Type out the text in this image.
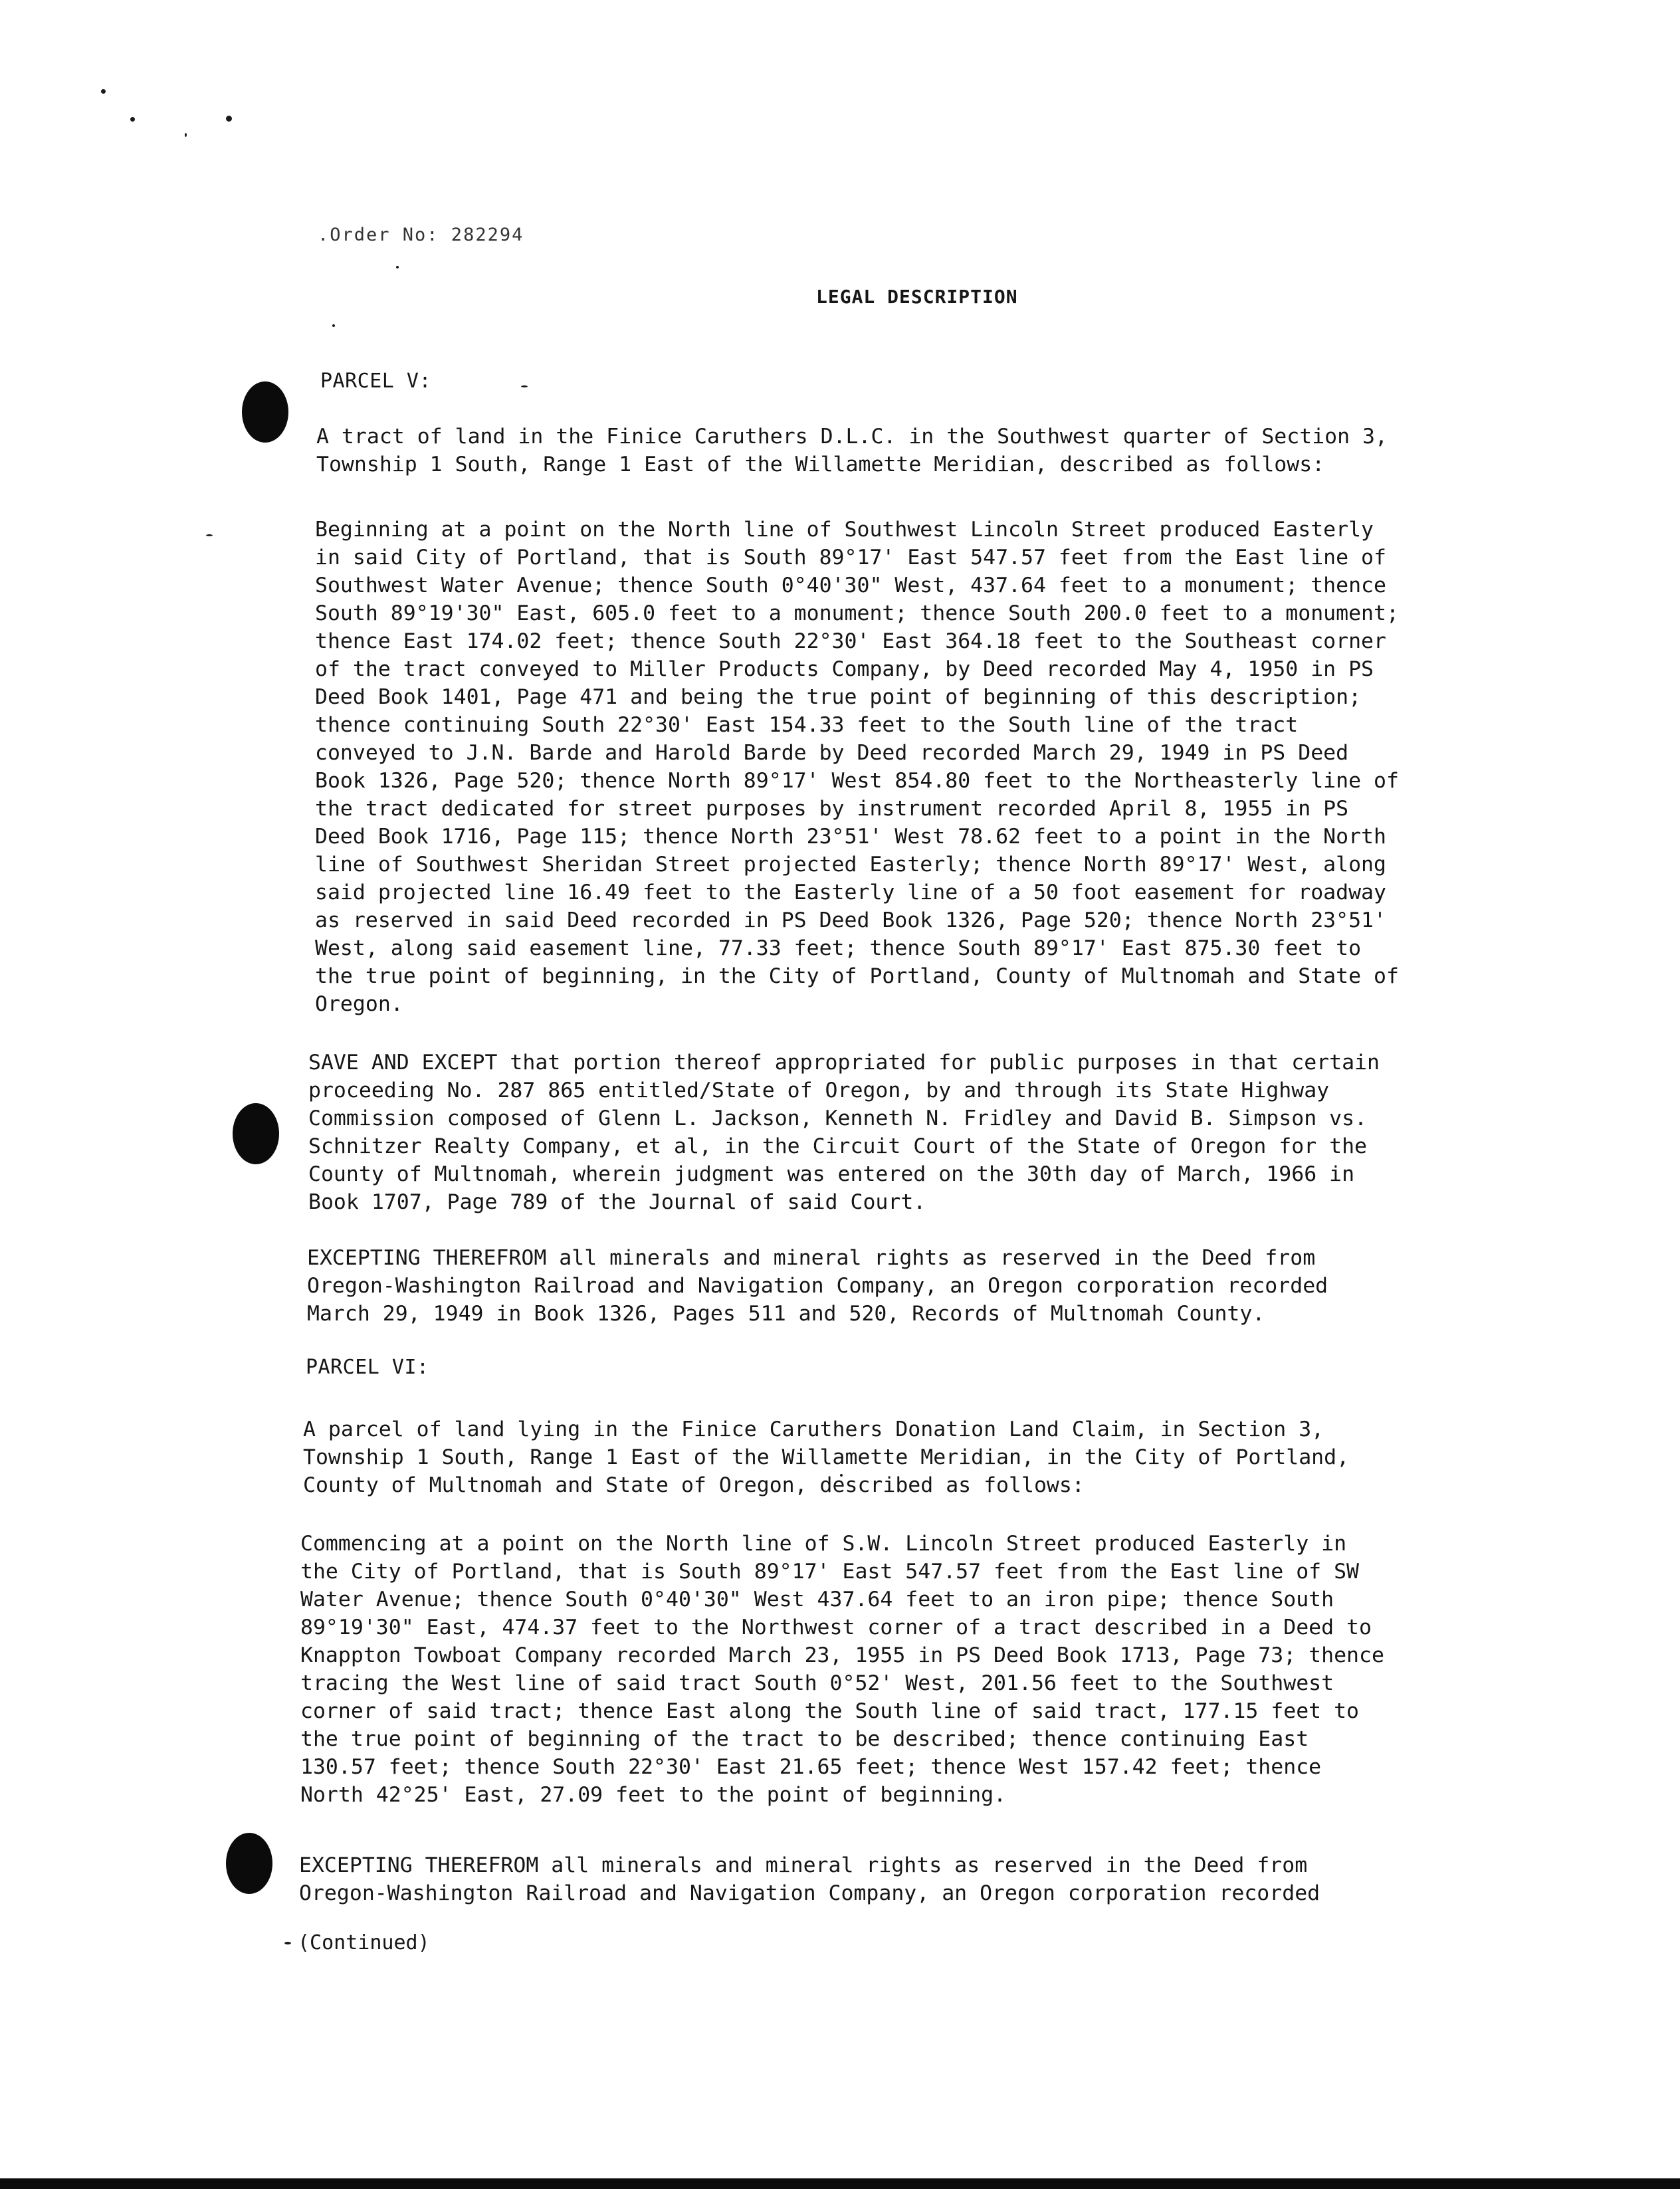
.Order No: 282294
LEGAL DESCRIPTION
PARCEL V:
A tract of land in the Finice Caruthers D.L.C. in the Southwest quarter of Section 3,
Township 1 South, Range 1 East of the Willamette Meridian, described as follows:
Beginning at a point on the North line of Southwest Lincoln Street produced Easterly
in said City of Portland, that is South 89°17' East 547.57 feet from the East line of
Southwest Water Avenue; thence South 0°40'30" West, 437.64 feet to a monument; thence
South 89°19'30" East, 605.0 feet to a monument; thence South 200.0 feet to a monument;
thence East 174.02 feet; thence South 22°30' East 364.18 feet to the Southeast corner
of the tract conveyed to Miller Products Company, by Deed recorded May 4, 1950 in PS
Deed Book 1401, Page 471 and being the true point of beginning of this description;
thence continuing South 22°30' East 154.33 feet to the South line of the tract
conveyed to J.N. Barde and Harold Barde by Deed recorded March 29, 1949 in PS Deed
Book 1326, Page 520; thence North 89°17' West 854.80 feet to the Northeasterly line of
the tract dedicated for street purposes by instrument recorded April 8, 1955 in PS
Deed Book 1716, Page 115; thence North 23°51' West 78.62 feet to a point in the North
line of Southwest Sheridan Street projected Easterly; thence North 89°17' West, along
said projected line 16.49 feet to the Easterly line of a 50 foot easement for roadway
as reserved in said Deed recorded in PS Deed Book 1326, Page 520; thence North 23°51'
West, along said easement line, 77.33 feet; thence South 89°17' East 875.30 feet to
the true point of beginning, in the City of Portland, County of Multnomah and State of
Oregon.
SAVE AND EXCEPT that portion thereof appropriated for public purposes in that certain
proceeding No. 287 865 entitled/State of Oregon, by and through its State Highway
Commission composed of Glenn L. Jackson, Kenneth N. Fridley and David B. Simpson vs.
Schnitzer Realty Company, et al, in the Circuit Court of the State of Oregon for the
County of Multnomah, wherein judgment was entered on the 30th day of March, 1966 in
Book 1707, Page 789 of the Journal of said Court.
EXCEPTING THEREFROM all minerals and mineral rights as reserved in the Deed from
Oregon-Washington Railroad and Navigation Company, an Oregon corporation recorded
March 29, 1949 in Book 1326, Pages 511 and 520, Records of Multnomah County.
PARCEL VI:
A parcel of land lying in the Finice Caruthers Donation Land Claim, in Section 3,
Township 1 South, Range 1 East of the Willamette Meridian, in the City of Portland,
County of Multnomah and State of Oregon, described as follows:
Commencing at a point on the North line of S.W. Lincoln Street produced Easterly in
the City of Portland, that is South 89°17' East 547.57 feet from the East line of SW
Water Avenue; thence South 0°40'30" West 437.64 feet to an iron pipe; thence South
89°19'30" East, 474.37 feet to the Northwest corner of a tract described in a Deed to
Knappton Towboat Company recorded March 23, 1955 in PS Deed Book 1713, Page 73; thence
tracing the West line of said tract South 0°52' West, 201.56 feet to the Southwest
corner of said tract; thence East along the South line of said tract, 177.15 feet to
the true point of beginning of the tract to be described; thence continuing East
130.57 feet; thence South 22°30' East 21.65 feet; thence West 157.42 feet; thence
North 42°25' East, 27.09 feet to the point of beginning.
EXCEPTING THEREFROM all minerals and mineral rights as reserved in the Deed from
Oregon-Washington Railroad and Navigation Company, an Oregon corporation recorded
(Continued)
